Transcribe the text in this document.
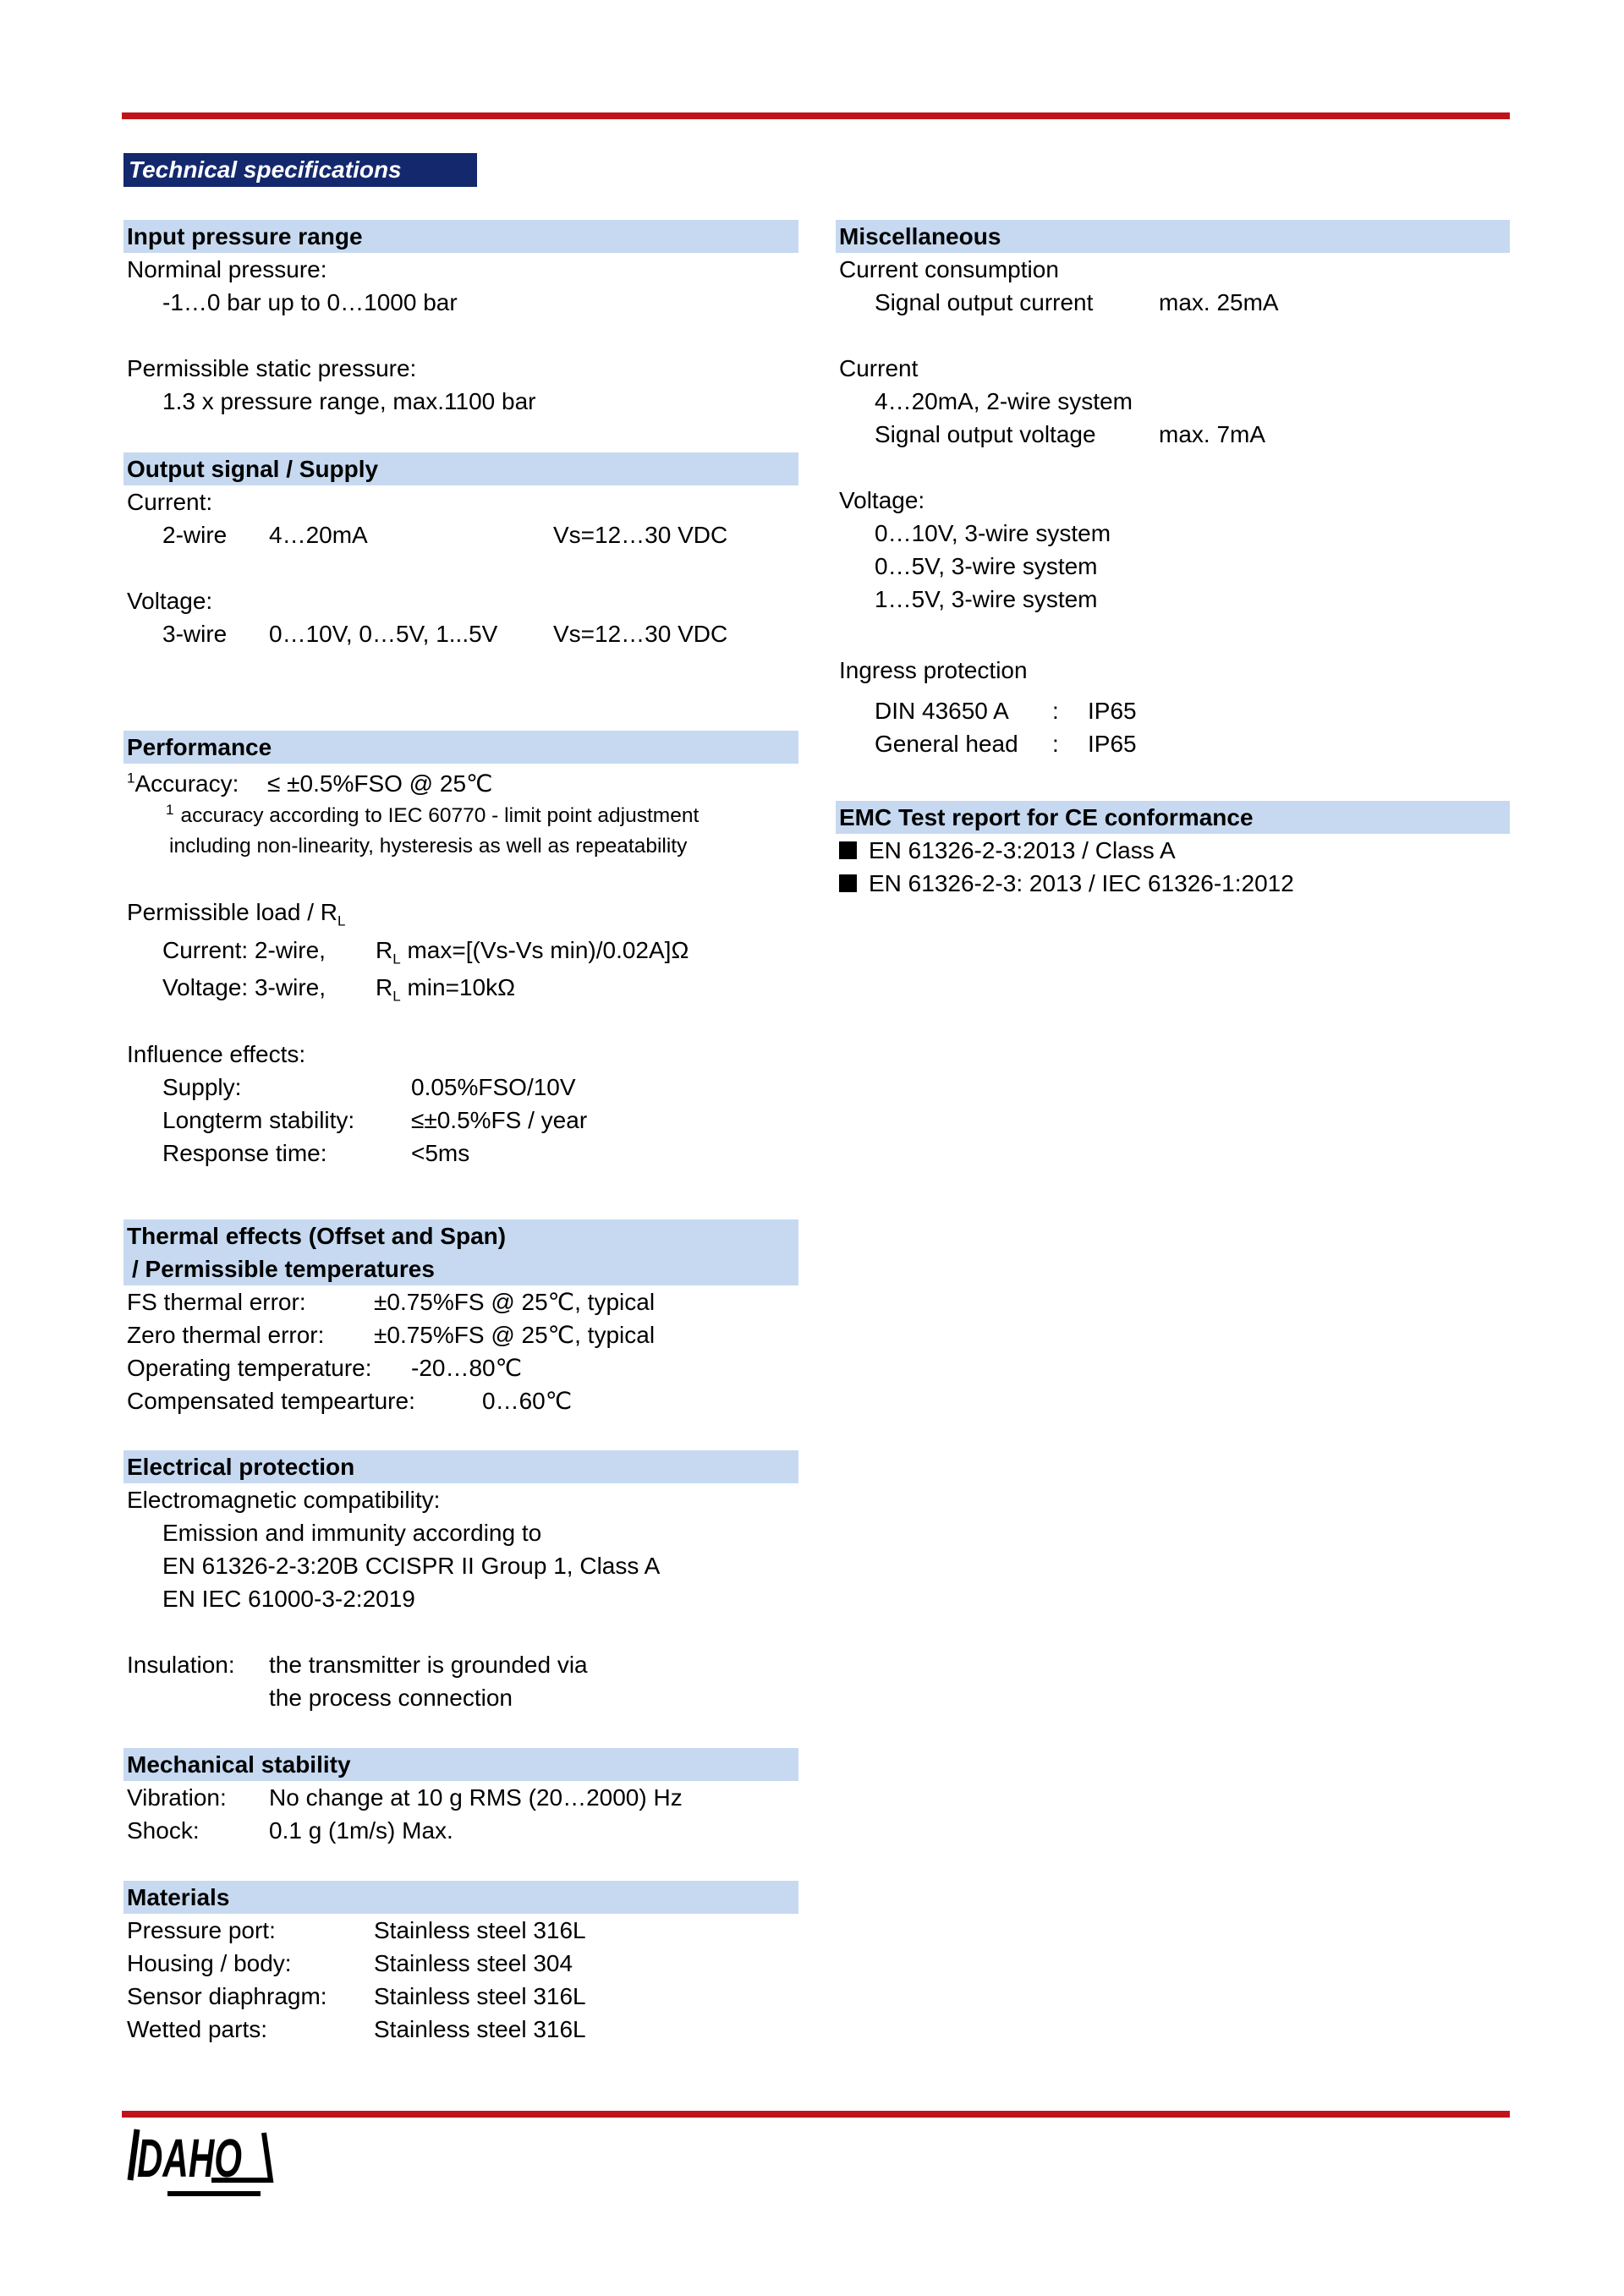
Technical specifications
Input pressure range
Norminal pressure:
-1…0 bar up to 0…1000 bar
Permissible static pressure:
1.3 x pressure range, max.1100 bar
Output signal / Supply
Current:
2-wire 4…20mA	Vs=12…30 VDC
Voltage:
3-wire 0…10V, 0…5V, 1...5V Vs=12…30 VDC
Performance
$^1$Accuracy: ≤ ±0.5%FSO @ 25℃
$^1$ accuracy according to IEC 60770 - limit point adjustment
including non-linearity, hysteresis as well as repeatability
Permissible load / $R_L$
Current: 2-wire, $R_L$ max=[(Vs-Vs min)/0.02A]Ω
Voltage: 3-wire, $R_L$ min=10kΩ
Influence effects:
Supply:	0.05%FSO/10V
Longterm stability: ≤±0.5%FS / year
Response time:	<5ms
Thermal effects (Offset and Span)
/ Permissible temperatures
FS thermal error:	±0.75%FS @ 25℃, typical
Zero thermal error: ±0.75%FS @ 25℃, typical
Operating temperature: -20…80℃
Compensated tempearture:	0…60℃
Electrical protection
Electromagnetic compatibility:
Emission and immunity according to
EN 61326-2-3:20B CCISPR II Group 1, Class A
EN IEC 61000-3-2:2019
Insulation: the transmitter is grounded via
the process connection
Mechanical stability
Vibration: No change at 10 g RMS (20…2000) Hz
Shock:	0.1 g (1m/s) Max.
Materials
Pressure port:	Stainless steel 316L
Housing / body:	Stainless steel 304
Sensor diaphragm: Stainless steel 316L
Wetted parts:	Stainless steel 316L
Miscellaneous
Current consumption
Signal output current	max. 25mA
Current
4…20mA, 2-wire system
Signal output voltage	max. 7mA
Voltage:
0…10V, 3-wire system
0…5V, 3-wire system
1…5V, 3-wire system
Ingress protection
DIN 43650 A : IP65
General head : IP65
EMC Test report for CE conformance
EN 61326-2-3:2013 / Class A
EN 61326-2-3: 2013 / IEC 61326-1:2012
DAHO
